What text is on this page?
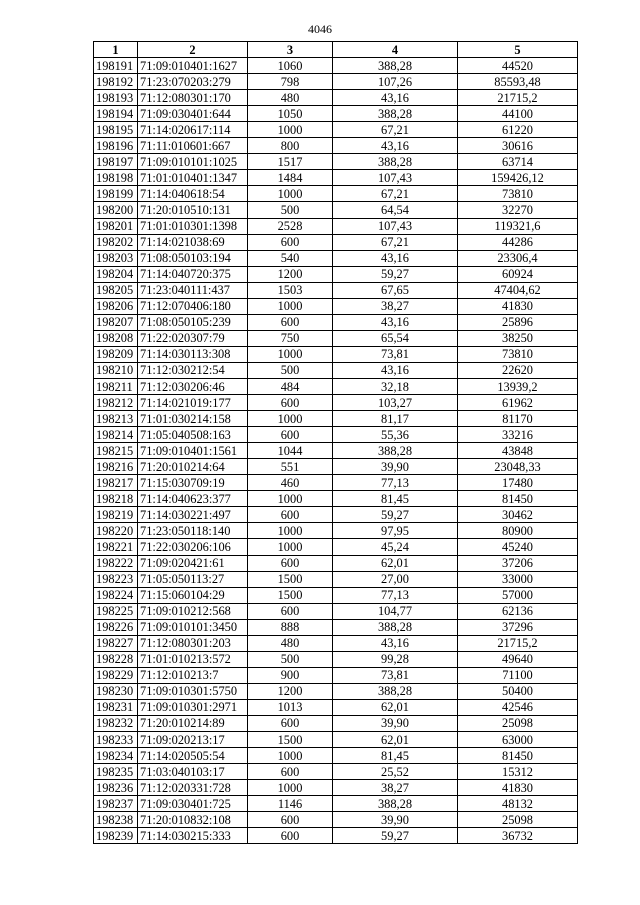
4046
1	2	3	4	5
198191	71:09:010401:1627	1060	388,28	44520
198192	71:23:070203:279	798	107,26	85593,48
198193	71:12:080301:170	480	43,16	21715,2
198194	71:09:030401:644	1050	388,28	44100
198195	71:14:020617:114	1000	67,21	61220
198196	71:11:010601:667	800	43,16	30616
198197	71:09:010101:1025	1517	388,28	63714
198198	71:01:010401:1347	1484	107,43	159426,12
198199	71:14:040618:54	1000	67,21	73810
198200	71:20:010510:131	500	64,54	32270
198201	71:01:010301:1398	2528	107,43	119321,6
198202	71:14:021038:69	600	67,21	44286
198203	71:08:050103:194	540	43,16	23306,4
198204	71:14:040720:375	1200	59,27	60924
198205	71:23:040111:437	1503	67,65	47404,62
198206	71:12:070406:180	1000	38,27	41830
198207	71:08:050105:239	600	43,16	25896
198208	71:22:020307:79	750	65,54	38250
198209	71:14:030113:308	1000	73,81	73810
198210	71:12:030212:54	500	43,16	22620
198211	71:12:030206:46	484	32,18	13939,2
198212	71:14:021019:177	600	103,27	61962
198213	71:01:030214:158	1000	81,17	81170
198214	71:05:040508:163	600	55,36	33216
198215	71:09:010401:1561	1044	388,28	43848
198216	71:20:010214:64	551	39,90	23048,33
198217	71:15:030709:19	460	77,13	17480
198218	71:14:040623:377	1000	81,45	81450
198219	71:14:030221:497	600	59,27	30462
198220	71:23:050118:140	1000	97,95	80900
198221	71:22:030206:106	1000	45,24	45240
198222	71:09:020421:61	600	62,01	37206
198223	71:05:050113:27	1500	27,00	33000
198224	71:15:060104:29	1500	77,13	57000
198225	71:09:010212:568	600	104,77	62136
198226	71:09:010101:3450	888	388,28	37296
198227	71:12:080301:203	480	43,16	21715,2
198228	71:01:010213:572	500	99,28	49640
198229	71:12:010213:7	900	73,81	71100
198230	71:09:010301:5750	1200	388,28	50400
198231	71:09:010301:2971	1013	62,01	42546
198232	71:20:010214:89	600	39,90	25098
198233	71:09:020213:17	1500	62,01	63000
198234	71:14:020505:54	1000	81,45	81450
198235	71:03:040103:17	600	25,52	15312
198236	71:12:020331:728	1000	38,27	41830
198237	71:09:030401:725	1146	388,28	48132
198238	71:20:010832:108	600	39,90	25098
198239	71:14:030215:333	600	59,27	36732
